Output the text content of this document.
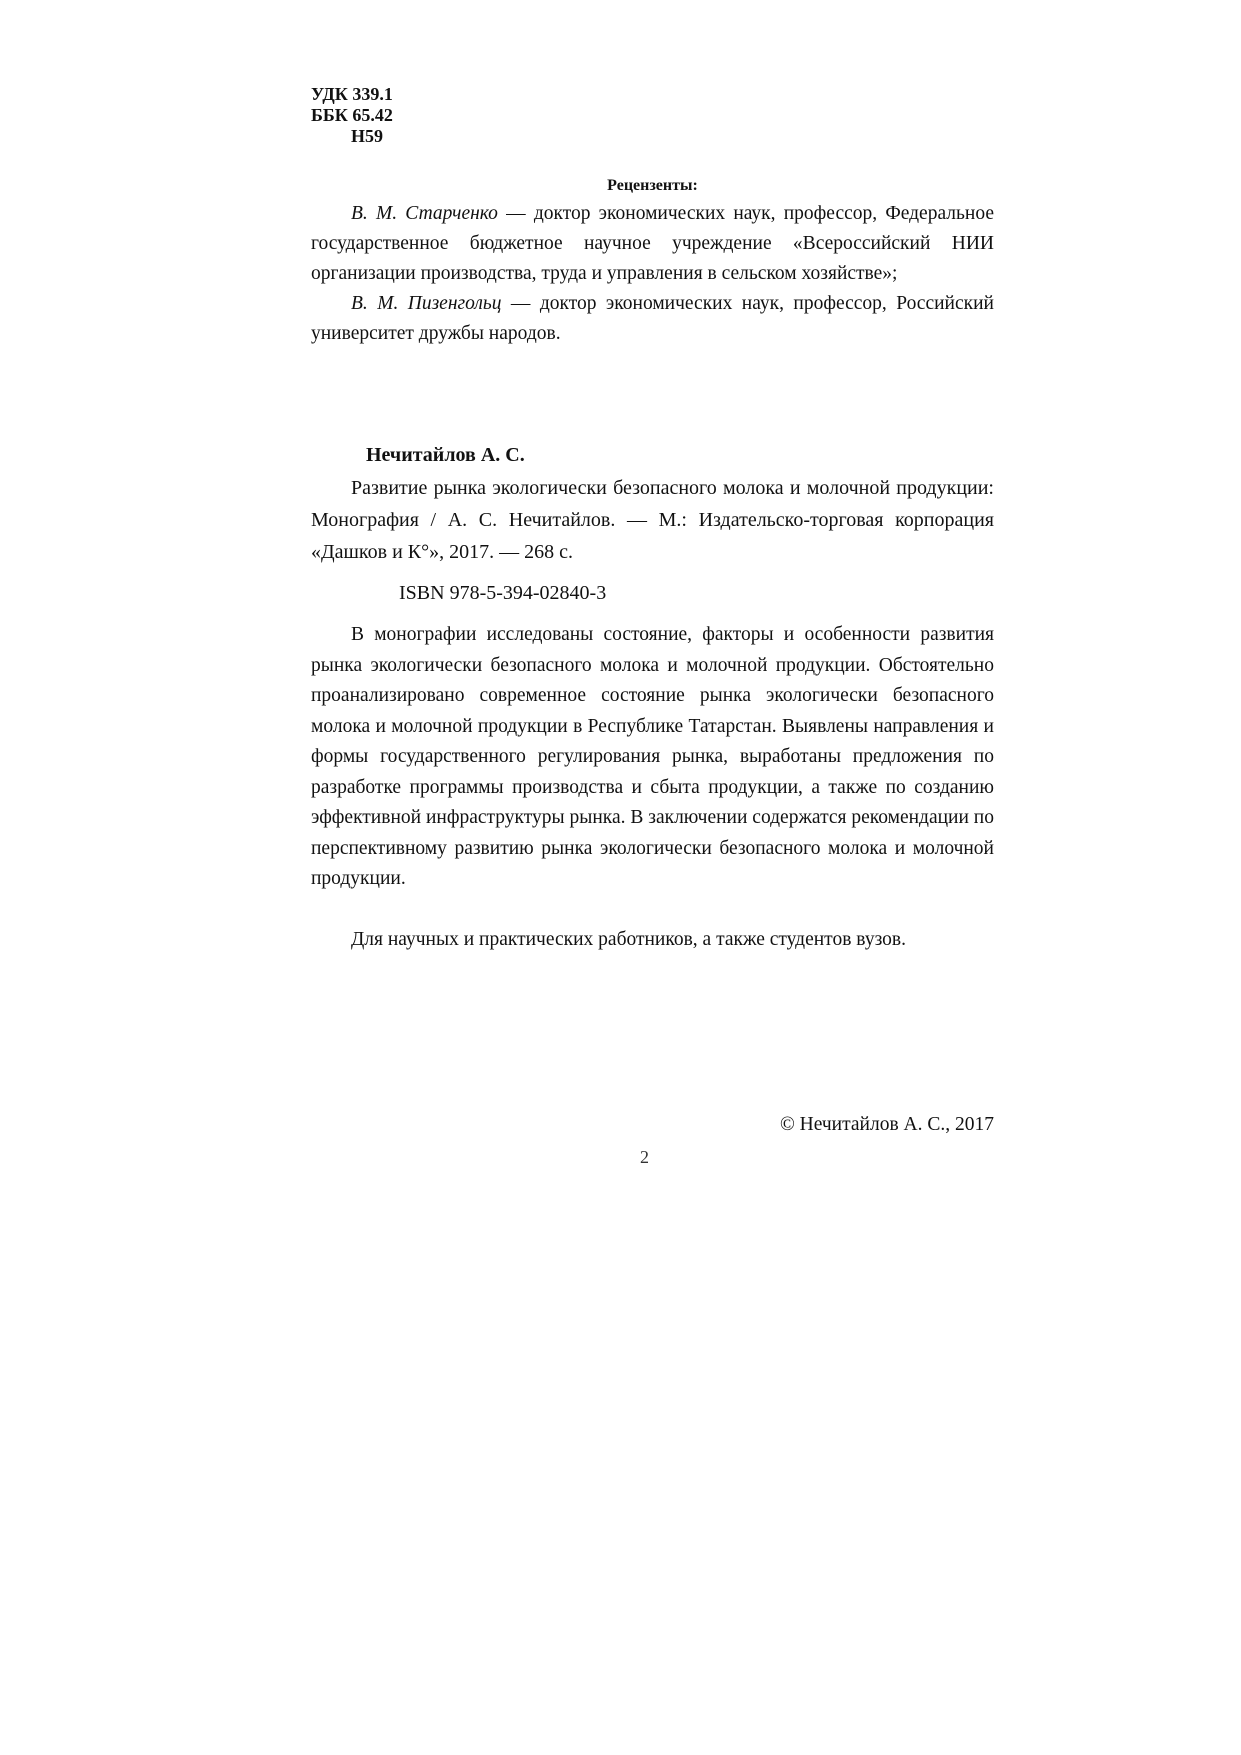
УДК 339.1
ББК 65.42
Н59
Рецензенты:

В. М. Старченко — доктор экономических наук, профессор, Федеральное государственное бюджетное научное учреждение «Всероссийский НИИ организации производства, труда и управления в сельском хозяйстве»;

В. М. Пизенгольц — доктор экономических наук, профессор, Российский университет дружбы народов.

Нечитайлов А. С.

Развитие рынка экологически безопасного молока и молочной продукции: Монография / А. С. Нечитайлов. — М.: Издательско-торговая корпорация «Дашков и К°», 2017. — 268 с.

ISBN 978-5-394-02840-3

В монографии исследованы состояние, факторы и особенности развития рынка экологически безопасного молока и молочной продукции. Обстоятельно проанализировано современное состояние рынка экологически безопасного молока и молочной продукции в Республике Татарстан. Выявлены направления и формы государственного регулирования рынка, выработаны предложения по разработке программы производства и сбыта продукции, а также по созданию эффективной инфраструктуры рынка. В заключении содержатся рекомендации по перспективному развитию рынка экологически безопасного молока и молочной продукции.

Для научных и практических работников, а также студентов вузов.

© Нечитайлов А. С., 2017
2
